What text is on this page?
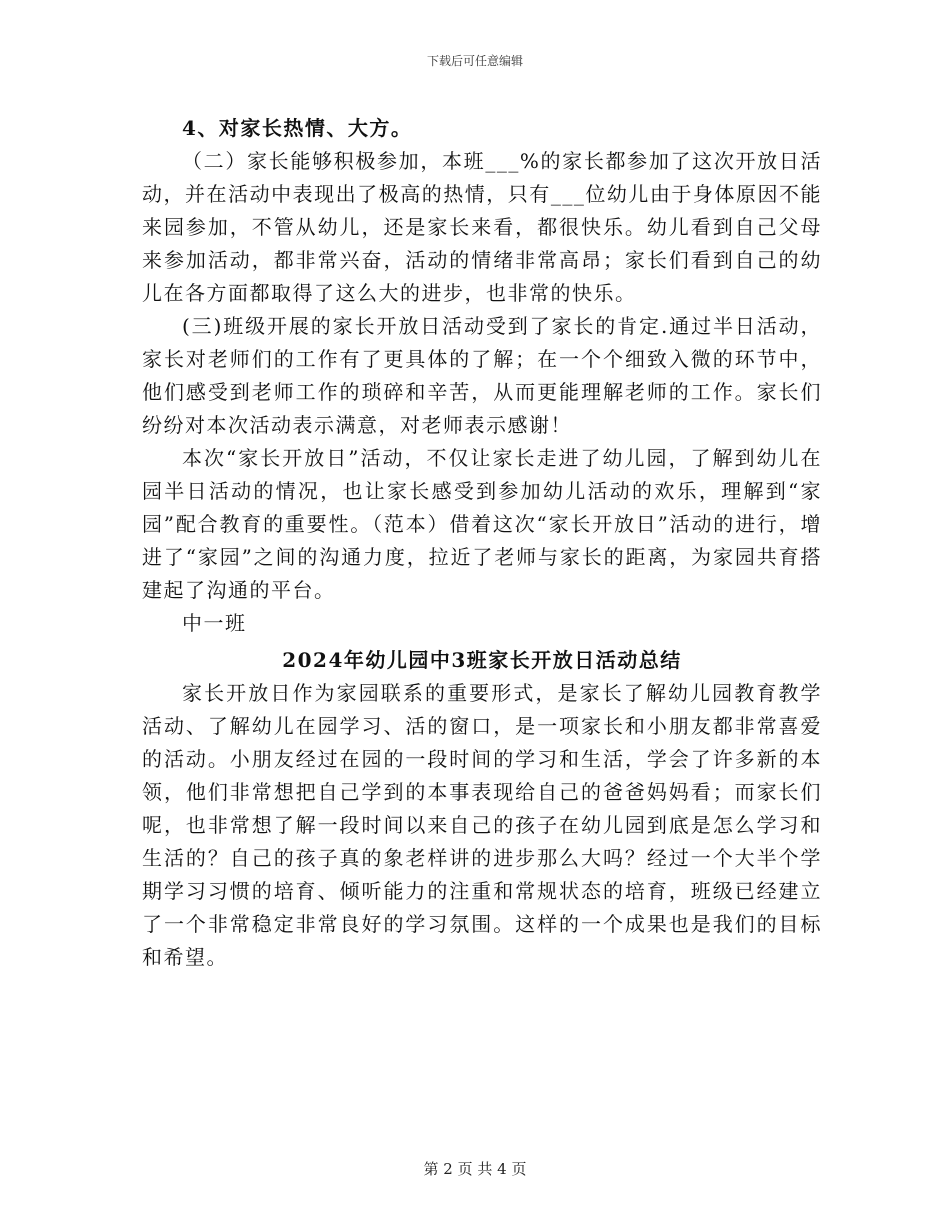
下载后可任意编辑

4、对家长热情、大方。

（二）家长能够积极参加，本班___%的家长都参加了这次开放日活动，并在活动中表现出了极高的热情，只有___位幼儿由于身体原因不能来园参加，不管从幼儿，还是家长来看，都很快乐。幼儿看到自己父母来参加活动，都非常兴奋，活动的情绪非常高昂；家长们看到自己的幼儿在各方面都取得了这么大的进步，也非常的快乐。

(三)班级开展的家长开放日活动受到了家长的肯定.通过半日活动，家长对老师们的工作有了更具体的了解；在一个个细致入微的环节中，他们感受到老师工作的琐碎和辛苦，从而更能理解老师的工作。家长们纷纷对本次活动表示满意，对老师表示感谢！

本次“家长开放日”活动，不仅让家长走进了幼儿园，了解到幼儿在园半日活动的情况，也让家长感受到参加幼儿活动的欢乐，理解到“家园”配合教育的重要性。（范本）借着这次“家长开放日”活动的进行，增进了“家园”之间的沟通力度，拉近了老师与家长的距离，为家园共育搭建起了沟通的平台。

中一班

2024年幼儿园中3班家长开放日活动总结

家长开放日作为家园联系的重要形式，是家长了解幼儿园教育教学活动、了解幼儿在园学习、活的窗口，是一项家长和小朋友都非常喜爱的活动。小朋友经过在园的一段时间的学习和生活，学会了许多新的本领，他们非常想把自己学到的本事表现给自己的爸爸妈妈看；而家长们呢，也非常想了解一段时间以来自己的孩子在幼儿园到底是怎么学习和生活的？自己的孩子真的象老样讲的进步那么大吗？经过一个大半个学期学习习惯的培育、倾听能力的注重和常规状态的培育，班级已经建立了一个非常稳定非常良好的学习氛围。这样的一个成果也是我们的目标和希望。

第 2 页 共 4 页
